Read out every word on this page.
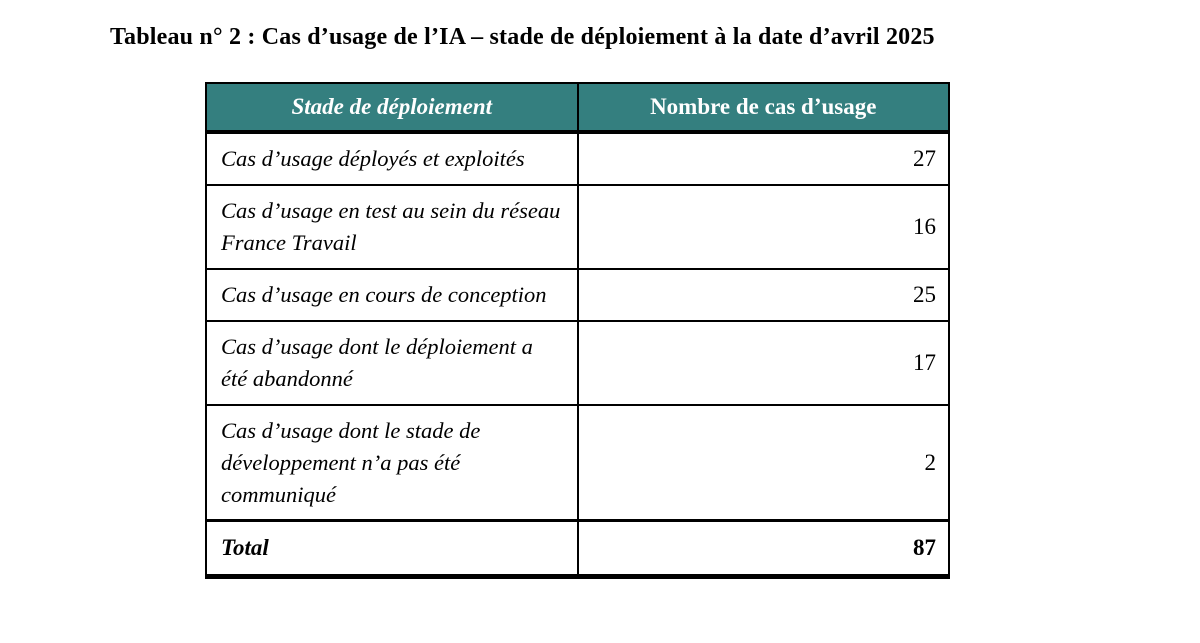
Tableau n° 2 : Cas d’usage de l’IA – stade de déploiement à la date d’avril 2025
Stade de déploiement	Nombre de cas d’usage
Cas d’usage déployés et exploités	27
Cas d’usage en test au sein du réseau France Travail	16
Cas d’usage en cours de conception	25
Cas d’usage dont le déploiement a été abandonné	17
Cas d’usage dont le stade de développement n’a pas été communiqué	2
Total	87
